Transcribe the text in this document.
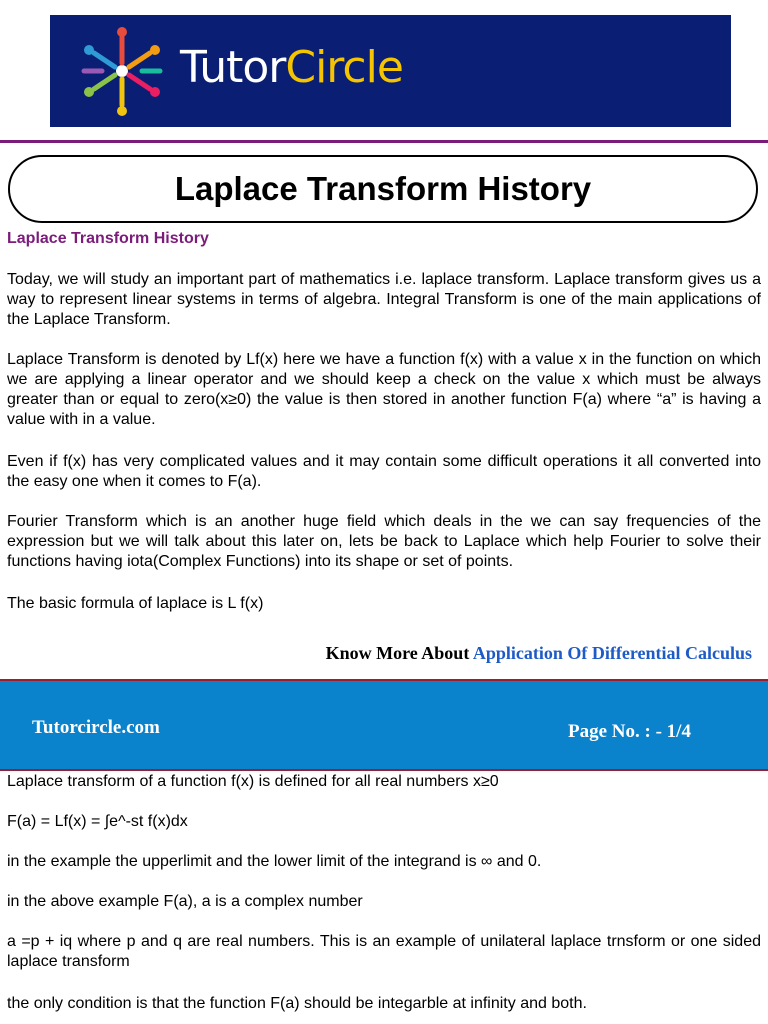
TutorCircle
Laplace Transform History
Laplace Transform History
Today, we will study an important part of mathematics i.e. laplace transform. Laplace transform gives us a way to represent linear systems in terms of algebra. Integral Transform is one of the main applications of the Laplace Transform.
Laplace Transform is denoted by Lf(x) here we have a function f(x) with a value x in the function on which we are applying a linear operator and we should keep a check on the value x which must be always greater than or equal to zero(x≥0) the value is then stored in another function F(a) where “a” is having a value with in a value.
Even if f(x) has very complicated values and it may contain some difficult operations it all converted into the easy one when it comes to F(a).
Fourier Transform which is an another huge field which deals in the we can say frequencies of the expression but we will talk about this later on, lets be back to Laplace which help Fourier to solve their functions having iota(Complex Functions) into its shape or set of points.
The basic formula of laplace is L f(x)
Know More About Application Of Differential Calculus
Tutorcircle.com	Page No. : - 1/4
Laplace transform of a function f(x) is defined for all real numbers x≥0
F(a) = Lf(x) = ∫e^-st f(x)dx
in the example the upperlimit and the lower limit of the integrand is ∞ and 0.
in the above example F(a), a is a complex number
a =p + iq where p and q are real numbers. This is an example of unilateral laplace trnsform or one sided laplace transform
the only condition is that the function F(a) should be integarble at infinity and both.
